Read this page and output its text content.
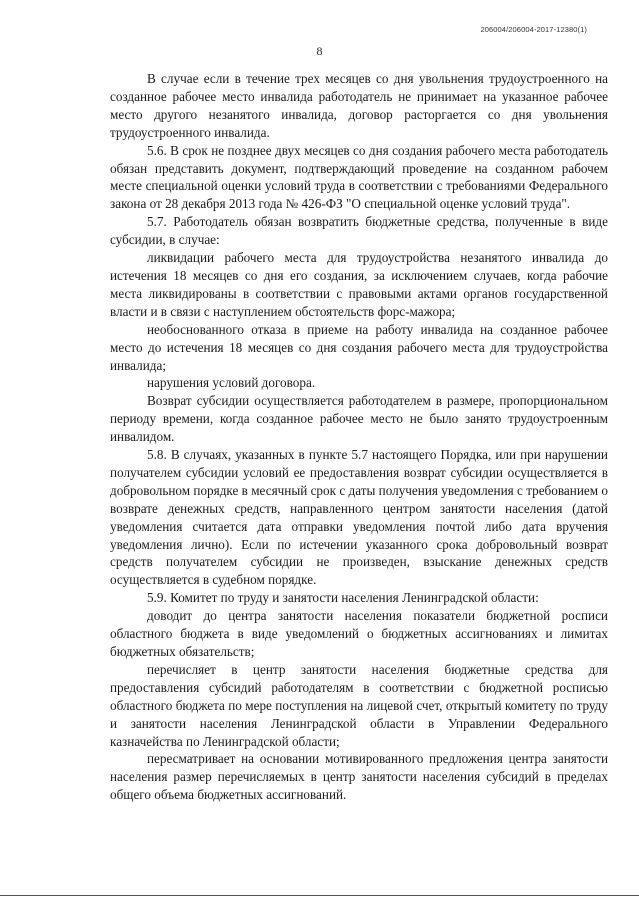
206004/206004-2017-12380(1)
8

В случае если в течение трех месяцев со дня увольнения трудоустроенного на созданное рабочее место инвалида работодатель не принимает на указанное рабочее место другого незанятого инвалида, договор расторгается со дня увольнения трудоустроенного инвалида.

5.6. В срок не позднее двух месяцев со дня создания рабочего места работодатель обязан представить документ, подтверждающий проведение на созданном рабочем месте специальной оценки условий труда в соответствии с требованиями Федерального закона от 28 декабря 2013 года № 426-ФЗ "О специальной оценке условий труда".

5.7. Работодатель обязан возвратить бюджетные средства, полученные в виде субсидии, в случае:

ликвидации рабочего места для трудоустройства незанятого инвалида до истечения 18 месяцев со дня его создания, за исключением случаев, когда рабочие места ликвидированы в соответствии с правовыми актами органов государственной власти и в связи с наступлением обстоятельств форс-мажора;

необоснованного отказа в приеме на работу инвалида на созданное рабочее место до истечения 18 месяцев со дня создания рабочего места для трудоустройства инвалида;

нарушения условий договора.

Возврат субсидии осуществляется работодателем в размере, пропорциональном периоду времени, когда созданное рабочее место не было занято трудоустроенным инвалидом.

5.8. В случаях, указанных в пункте 5.7 настоящего Порядка, или при нарушении получателем субсидии условий ее предоставления возврат субсидии осуществляется в добровольном порядке в месячный срок с даты получения уведомления с требованием о возврате денежных средств, направленного центром занятости населения (датой уведомления считается дата отправки уведомления почтой либо дата вручения уведомления лично). Если по истечении указанного срока добровольный возврат средств получателем субсидии не произведен, взыскание денежных средств осуществляется в судебном порядке.

5.9. Комитет по труду и занятости населения Ленинградской области:

доводит до центра занятости населения показатели бюджетной росписи областного бюджета в виде уведомлений о бюджетных ассигнованиях и лимитах бюджетных обязательств;

перечисляет в центр занятости населения бюджетные средства для предоставления субсидий работодателям в соответствии с бюджетной росписью областного бюджета по мере поступления на лицевой счет, открытый комитету по труду и занятости населения Ленинградской области в Управлении Федерального казначейства по Ленинградской области;

пересматривает на основании мотивированного предложения центра занятости населения размер перечисляемых в центр занятости населения субсидий в пределах общего объема бюджетных ассигнований.
